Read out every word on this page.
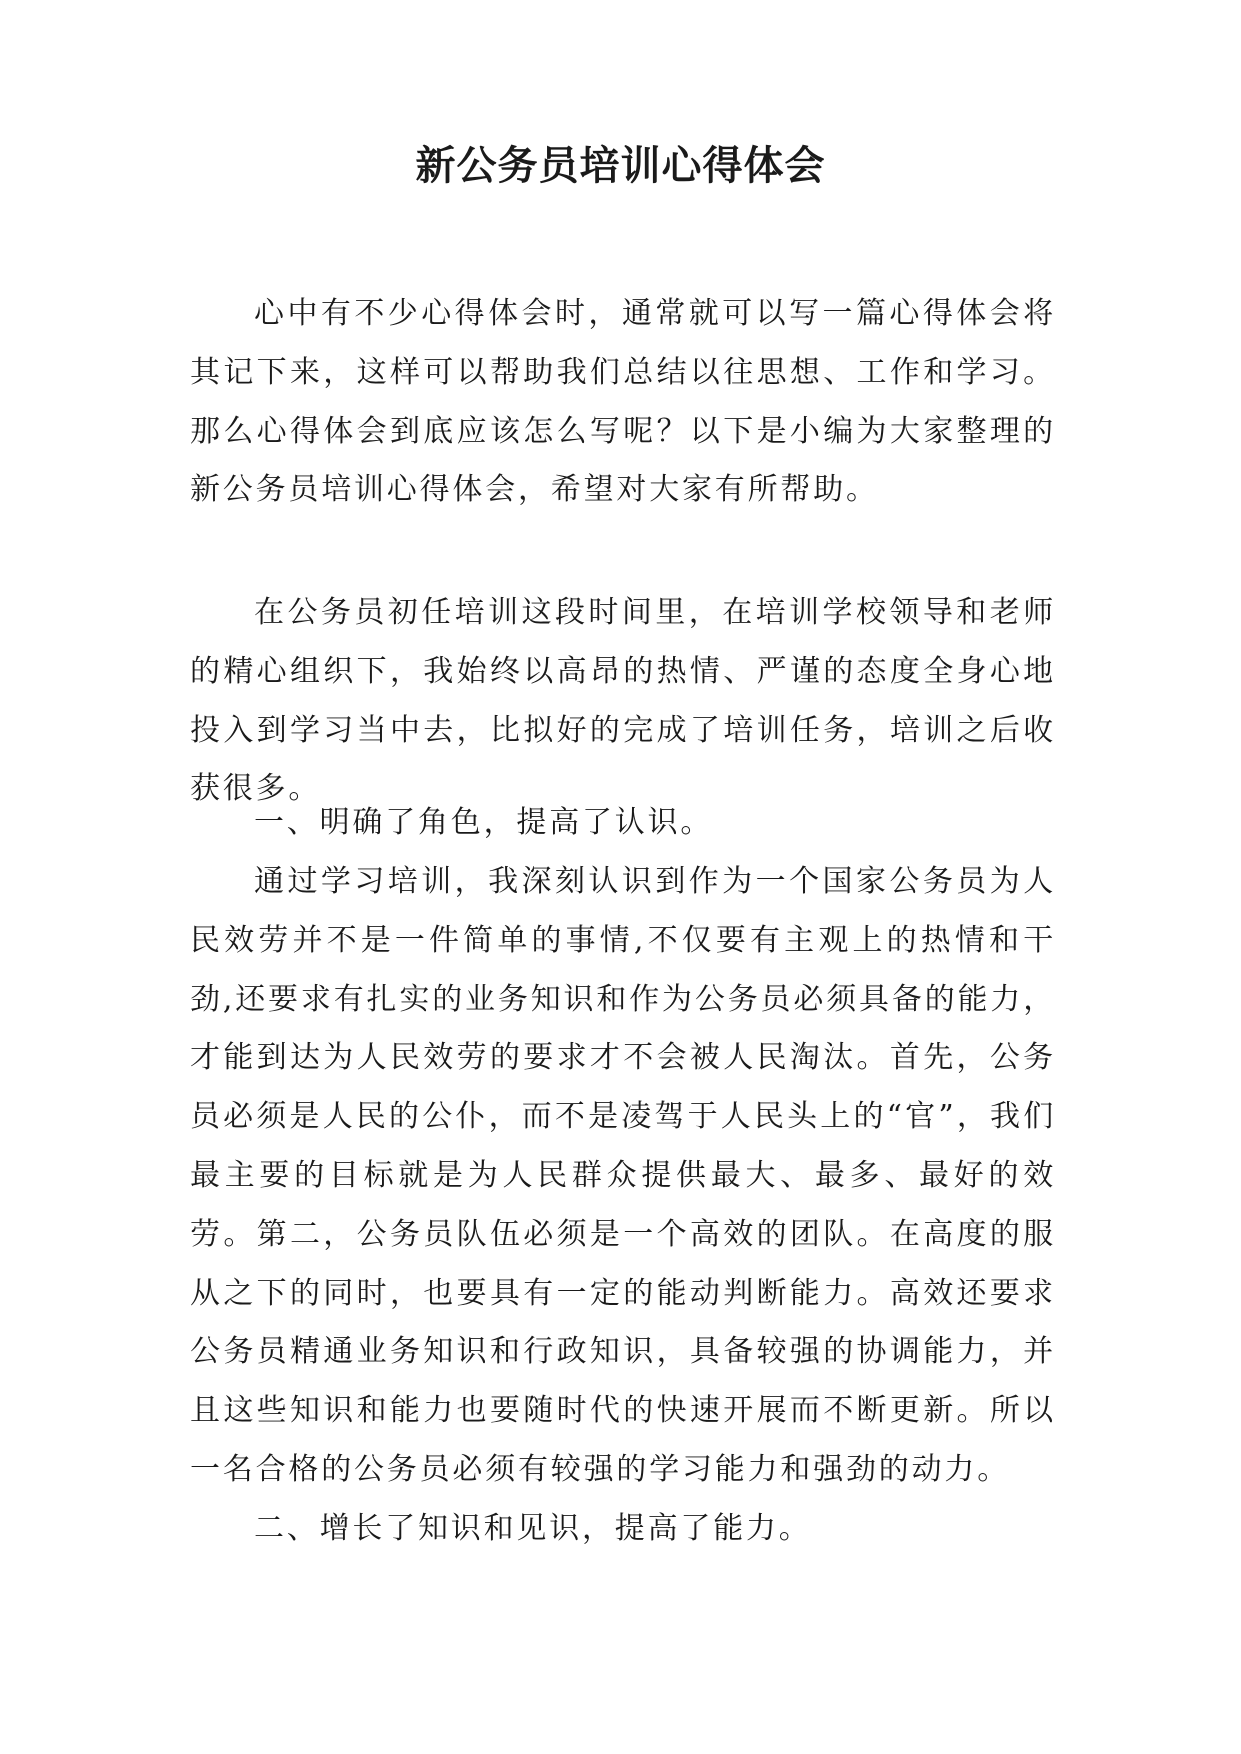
新公务员培训心得体会

心中有不少心得体会时，通常就可以写一篇心得体会将其记下来，这样可以帮助我们总结以往思想、工作和学习。那么心得体会到底应该怎么写呢？以下是小编为大家整理的新公务员培训心得体会，希望对大家有所帮助。

在公务员初任培训这段时间里，在培训学校领导和老师的精心组织下，我始终以高昂的热情、严谨的态度全身心地投入到学习当中去，比拟好的完成了培训任务，培训之后收获很多。

一、明确了角色，提高了认识。

通过学习培训，我深刻认识到作为一个国家公务员为人民效劳并不是一件简单的事情,不仅要有主观上的热情和干劲,还要求有扎实的业务知识和作为公务员必须具备的能力，才能到达为人民效劳的要求才不会被人民淘汰。首先，公务员必须是人民的公仆，而不是凌驾于人民头上的“官”，我们最主要的目标就是为人民群众提供最大、最多、最好的效劳。第二，公务员队伍必须是一个高效的团队。在高度的服从之下的同时，也要具有一定的能动判断能力。高效还要求公务员精通业务知识和行政知识，具备较强的协调能力，并且这些知识和能力也要随时代的快速开展而不断更新。所以一名合格的公务员必须有较强的学习能力和强劲的动力。

二、增长了知识和见识，提高了能力。
